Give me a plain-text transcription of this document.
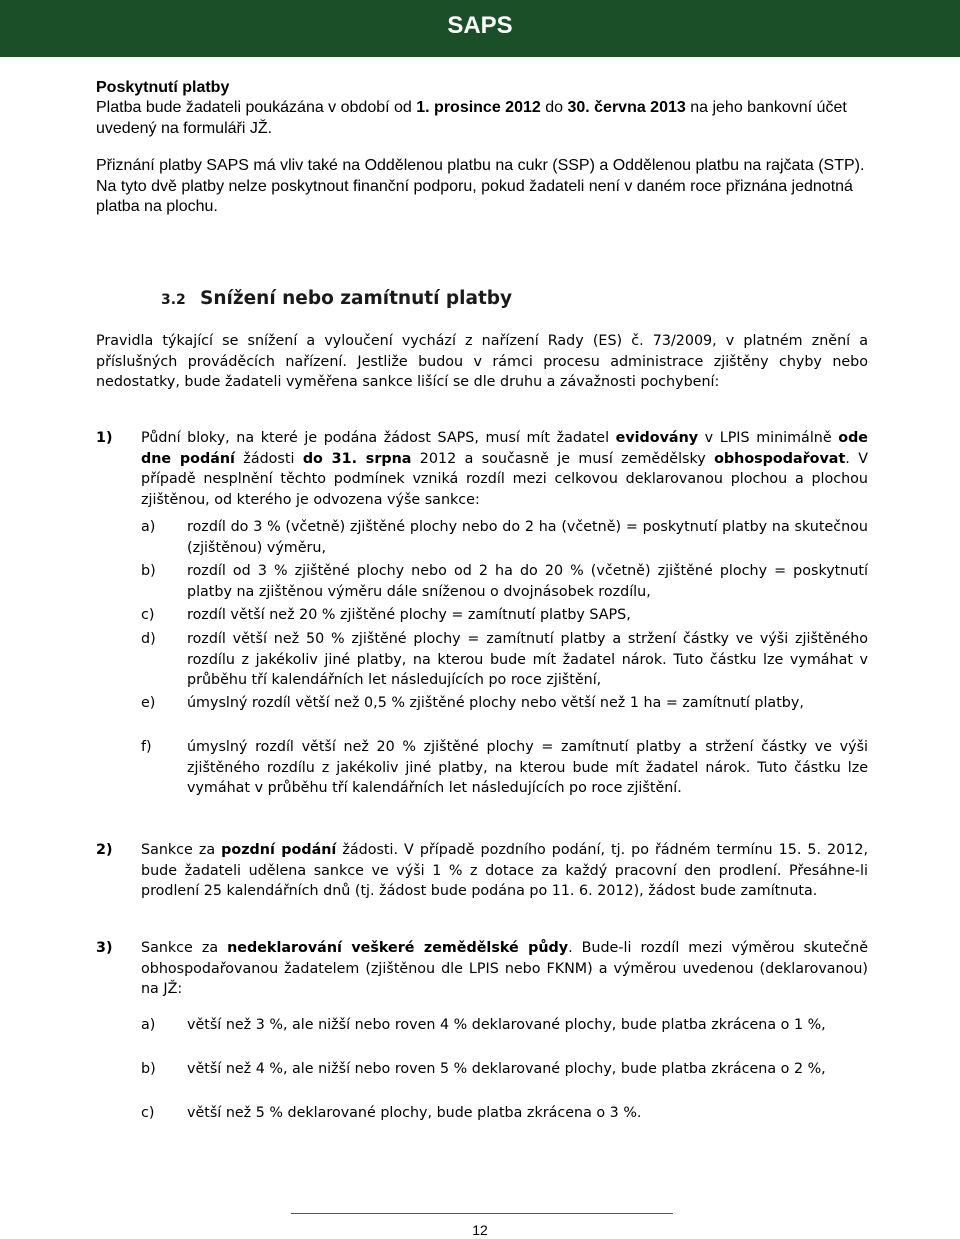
SAPS
Poskytnutí platby
Platba bude žadateli poukázána v období od 1. prosince 2012 do 30. června 2013 na jeho bankovní účet uvedený na formuláři JŽ.
Přiznání platby SAPS má vliv také na Oddělenou platbu na cukr (SSP) a Oddělenou platbu na rajčata (STP). Na tyto dvě platby nelze poskytnout finanční podporu, pokud žadateli není v daném roce přiznána jednotná platba na plochu.
3.2 Snížení nebo zamítnutí platby
Pravidla týkající se snížení a vyloučení vychází z nařízení Rady (ES) č. 73/2009, v platném znění a příslušných prováděcích nařízení. Jestliže budou v rámci procesu administrace zjištěny chyby nebo nedostatky, bude žadateli vyměřena sankce lišící se dle druhu a závažnosti pochybení:
1) Půdní bloky, na které je podána žádost SAPS, musí mít žadatel evidovány v LPIS minimálně ode dne podání žádosti do 31. srpna 2012 a současně je musí zemědělsky obhospodařovat. V případě nesplnění těchto podmínek vzniká rozdíl mezi celkovou deklarovanou plochou a plochou zjištěnou, od kterého je odvozena výše sankce:
a) rozdíl do 3 % (včetně) zjištěné plochy nebo do 2 ha (včetně) = poskytnutí platby na skutečnou (zjištěnou) výměru,
b) rozdíl od 3 % zjištěné plochy nebo od 2 ha do 20 % (včetně) zjištěné plochy = poskytnutí platby na zjištěnou výměru dále sníženou o dvojnásobek rozdílu,
c) rozdíl větší než 20 % zjištěné plochy = zamítnutí platby SAPS,
d) rozdíl větší než 50 % zjištěné plochy = zamítnutí platby a stržení částky ve výši zjištěného rozdílu z jakékoliv jiné platby, na kterou bude mít žadatel nárok. Tuto částku lze vymáhat v průběhu tří kalendářních let následujících po roce zjištění,
e) úmyslný rozdíl větší než 0,5 % zjištěné plochy nebo větší než 1 ha = zamítnutí platby,
f) úmyslný rozdíl větší než 20 % zjištěné plochy = zamítnutí platby a stržení částky ve výši zjištěného rozdílu z jakékoliv jiné platby, na kterou bude mít žadatel nárok. Tuto částku lze vymáhat v průběhu tří kalendářních let následujících po roce zjištění.
2) Sankce za pozdní podání žádosti. V případě pozdního podání, tj. po řádném termínu 15. 5. 2012, bude žadateli udělena sankce ve výši 1 % z dotace za každý pracovní den prodlení. Přesáhne-li prodlení 25 kalendářních dnů (tj. žádost bude podána po 11. 6. 2012), žádost bude zamítnuta.
3) Sankce za nedeklarování veškeré zemědělské půdy. Bude-li rozdíl mezi výměrou skutečně obhospodařovanou žadatelem (zjištěnou dle LPIS nebo FKNM) a výměrou uvedenou (deklarovanou) na JŽ:
a) větší než 3 %, ale nižší nebo roven 4 % deklarované plochy, bude platba zkrácena o 1 %,
b) větší než 4 %, ale nižší nebo roven 5 % deklarované plochy, bude platba zkrácena o 2 %,
c) větší než 5 % deklarované plochy, bude platba zkrácena o 3 %.
12
